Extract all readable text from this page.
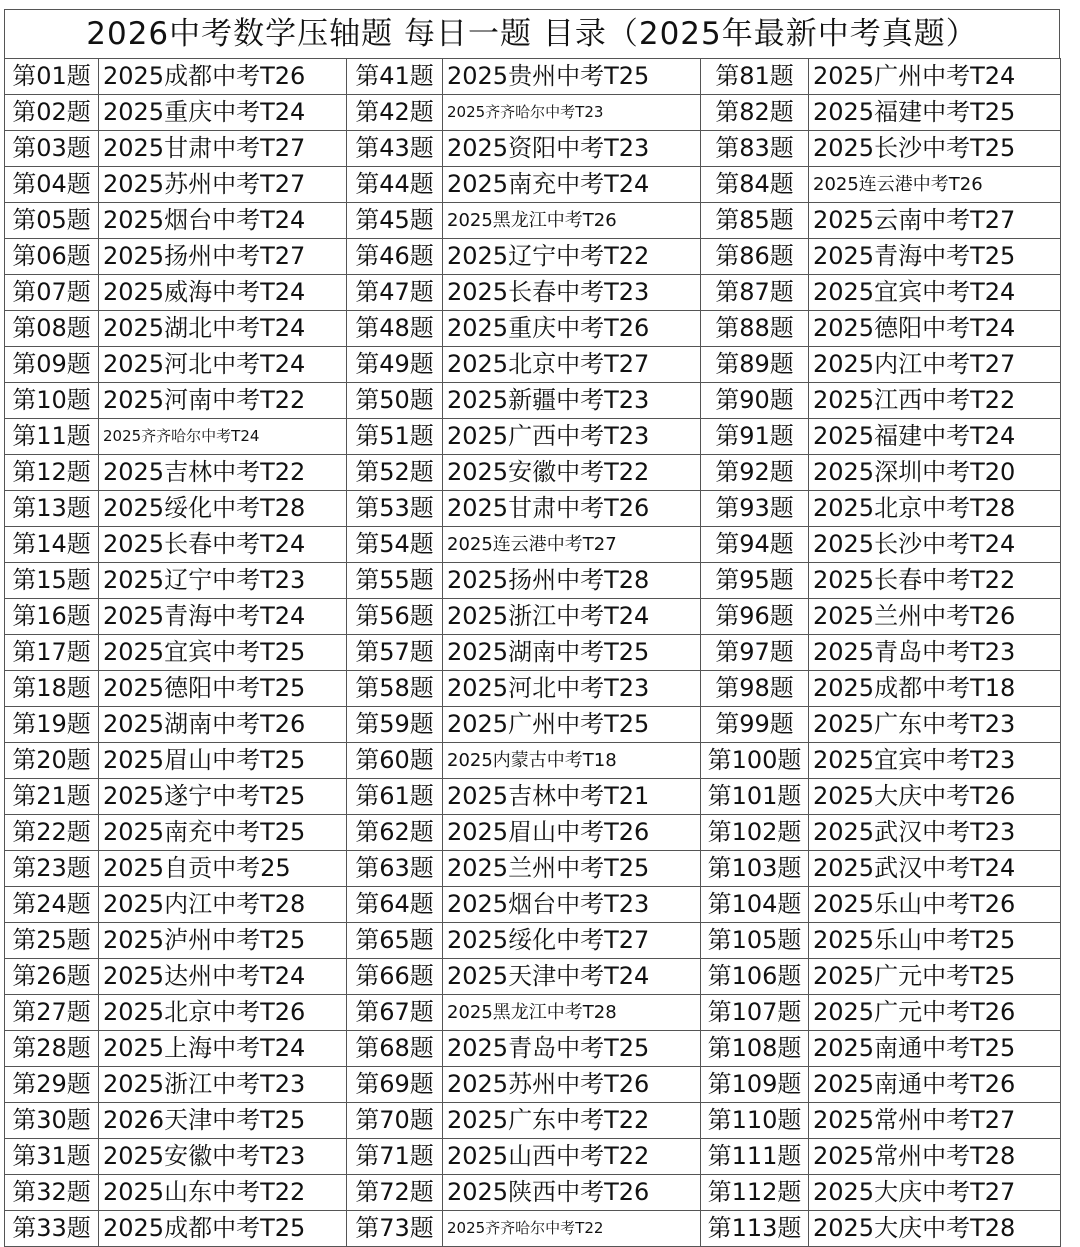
2026中考数学压轴题 每日一题 目录（2025年最新中考真题）
第01题	2025成都中考T26	第41题	2025贵州中考T25	第81题	2025广州中考T24
第02题	2025重庆中考T24	第42题	2025齐齐哈尔中考T23	第82题	2025福建中考T25
第03题	2025甘肃中考T27	第43题	2025资阳中考T23	第83题	2025长沙中考T25
第04题	2025苏州中考T27	第44题	2025南充中考T24	第84题	2025连云港中考T26
第05题	2025烟台中考T24	第45题	2025黑龙江中考T26	第85题	2025云南中考T27
第06题	2025扬州中考T27	第46题	2025辽宁中考T22	第86题	2025青海中考T25
第07题	2025威海中考T24	第47题	2025长春中考T23	第87题	2025宜宾中考T24
第08题	2025湖北中考T24	第48题	2025重庆中考T26	第88题	2025德阳中考T24
第09题	2025河北中考T24	第49题	2025北京中考T27	第89题	2025内江中考T27
第10题	2025河南中考T22	第50题	2025新疆中考T23	第90题	2025江西中考T22
第11题	2025齐齐哈尔中考T24	第51题	2025广西中考T23	第91题	2025福建中考T24
第12题	2025吉林中考T22	第52题	2025安徽中考T22	第92题	2025深圳中考T20
第13题	2025绥化中考T28	第53题	2025甘肃中考T26	第93题	2025北京中考T28
第14题	2025长春中考T24	第54题	2025连云港中考T27	第94题	2025长沙中考T24
第15题	2025辽宁中考T23	第55题	2025扬州中考T28	第95题	2025长春中考T22
第16题	2025青海中考T24	第56题	2025浙江中考T24	第96题	2025兰州中考T26
第17题	2025宜宾中考T25	第57题	2025湖南中考T25	第97题	2025青岛中考T23
第18题	2025德阳中考T25	第58题	2025河北中考T23	第98题	2025成都中考T18
第19题	2025湖南中考T26	第59题	2025广州中考T25	第99题	2025广东中考T23
第20题	2025眉山中考T25	第60题	2025内蒙古中考T18	第100题	2025宜宾中考T23
第21题	2025遂宁中考T25	第61题	2025吉林中考T21	第101题	2025大庆中考T26
第22题	2025南充中考T25	第62题	2025眉山中考T26	第102题	2025武汉中考T23
第23题	2025自贡中考25	第63题	2025兰州中考T25	第103题	2025武汉中考T24
第24题	2025内江中考T28	第64题	2025烟台中考T23	第104题	2025乐山中考T26
第25题	2025泸州中考T25	第65题	2025绥化中考T27	第105题	2025乐山中考T25
第26题	2025达州中考T24	第66题	2025天津中考T24	第106题	2025广元中考T25
第27题	2025北京中考T26	第67题	2025黑龙江中考T28	第107题	2025广元中考T26
第28题	2025上海中考T24	第68题	2025青岛中考T25	第108题	2025南通中考T25
第29题	2025浙江中考T23	第69题	2025苏州中考T26	第109题	2025南通中考T26
第30题	2026天津中考T25	第70题	2025广东中考T22	第110题	2025常州中考T27
第31题	2025安徽中考T23	第71题	2025山西中考T22	第111题	2025常州中考T28
第32题	2025山东中考T22	第72题	2025陕西中考T26	第112题	2025大庆中考T27
第33题	2025成都中考T25	第73题	2025齐齐哈尔中考T22	第113题	2025大庆中考T28
